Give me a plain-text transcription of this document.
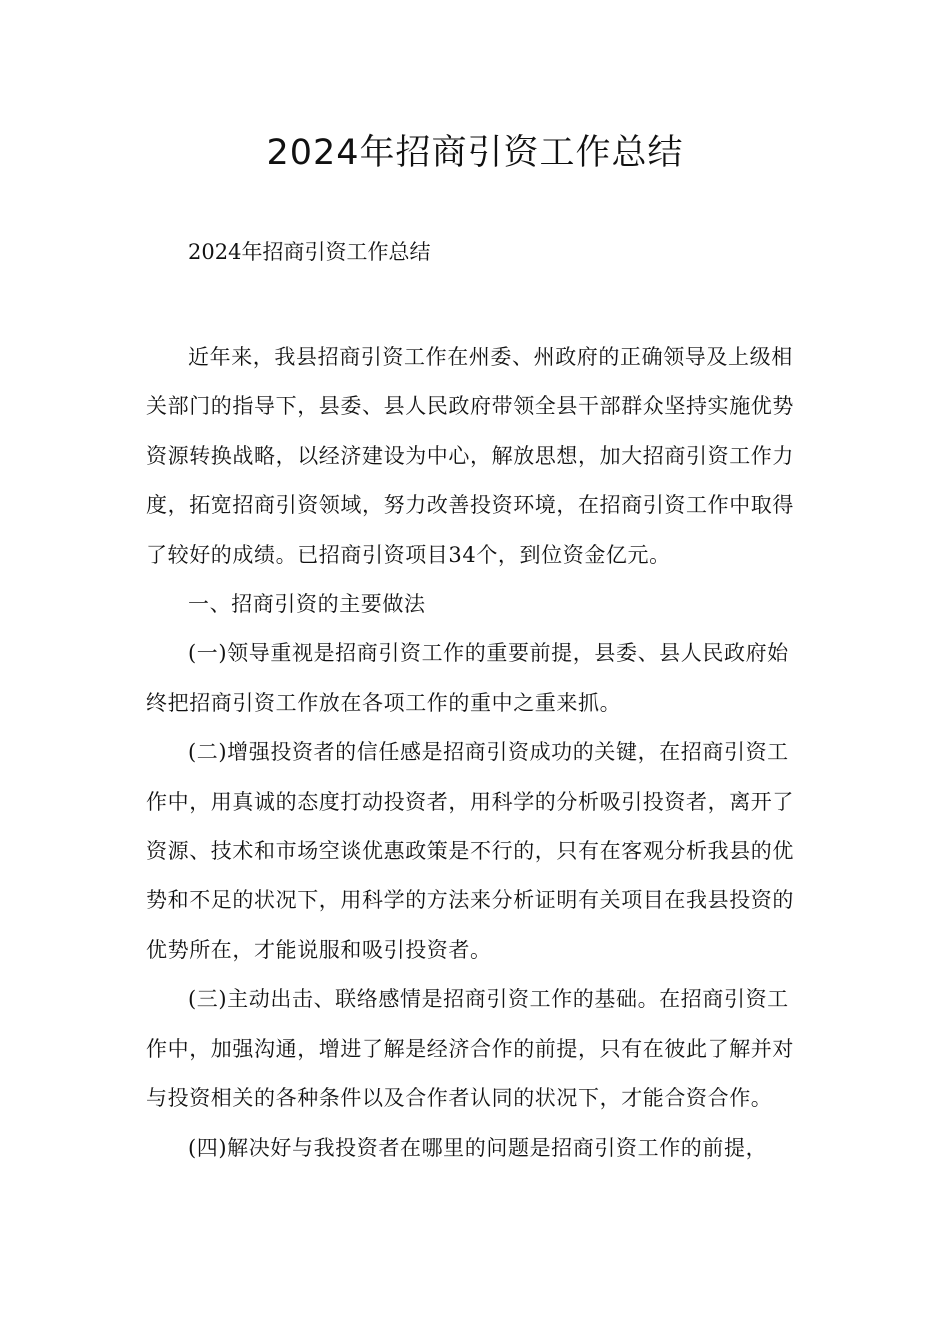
2024年招商引资工作总结

2024年招商引资工作总结

近年来，我县招商引资工作在州委、州政府的正确领导及上级相关部门的指导下，县委、县人民政府带领全县干部群众坚持实施优势资源转换战略，以经济建设为中心，解放思想，加大招商引资工作力度，拓宽招商引资领域，努力改善投资环境，在招商引资工作中取得了较好的成绩。已招商引资项目34个，到位资金亿元。

一、招商引资的主要做法

(一)领导重视是招商引资工作的重要前提，县委、县人民政府始终把招商引资工作放在各项工作的重中之重来抓。

(二)增强投资者的信任感是招商引资成功的关键，在招商引资工作中，用真诚的态度打动投资者，用科学的分析吸引投资者，离开了资源、技术和市场空谈优惠政策是不行的，只有在客观分析我县的优势和不足的状况下，用科学的方法来分析证明有关项目在我县投资的优势所在，才能说服和吸引投资者。

(三)主动出击、联络感情是招商引资工作的基础。在招商引资工作中，加强沟通，增进了解是经济合作的前提，只有在彼此了解并对与投资相关的各种条件以及合作者认同的状况下，才能合资合作。

(四)解决好与我投资者在哪里的问题是招商引资工作的前提，
